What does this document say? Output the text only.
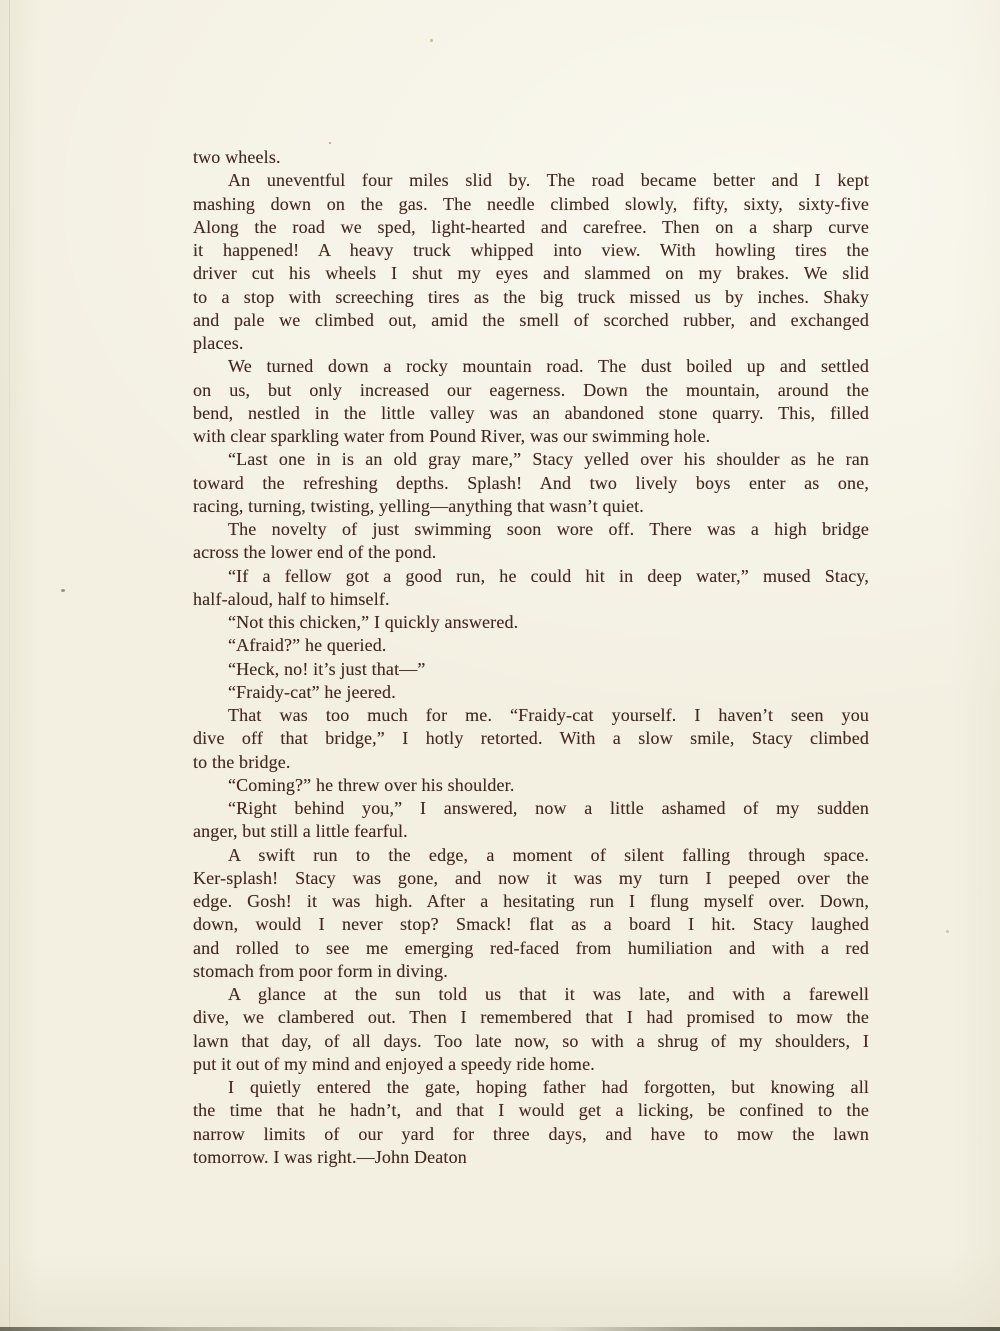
two wheels.
An uneventful four miles slid by. The road became better and I kept
mashing down on the gas. The needle climbed slowly, fifty, sixty, sixty-five
Along the road we sped, light-hearted and carefree. Then on a sharp curve
it happened! A heavy truck whipped into view. With howling tires the
driver cut his wheels I shut my eyes and slammed on my brakes. We slid
to a stop with screeching tires as the big truck missed us by inches. Shaky
and pale we climbed out, amid the smell of scorched rubber, and exchanged
places.
We turned down a rocky mountain road. The dust boiled up and settled
on us, but only increased our eagerness. Down the mountain, around the
bend, nestled in the little valley was an abandoned stone quarry. This, filled
with clear sparkling water from Pound River, was our swimming hole.
“Last one in is an old gray mare,” Stacy yelled over his shoulder as he ran
toward the refreshing depths. Splash! And two lively boys enter as one,
racing, turning, twisting, yelling—anything that wasn’t quiet.
The novelty of just swimming soon wore off. There was a high bridge
across the lower end of the pond.
“If a fellow got a good run, he could hit in deep water,” mused Stacy,
half-aloud, half to himself.
“Not this chicken,” I quickly answered.
“Afraid?” he queried.
“Heck, no! it’s just that—”
“Fraidy-cat” he jeered.
That was too much for me. “Fraidy-cat yourself. I haven’t seen you
dive off that bridge,” I hotly retorted. With a slow smile, Stacy climbed
to the bridge.
“Coming?” he threw over his shoulder.
“Right behind you,” I answered, now a little ashamed of my sudden
anger, but still a little fearful.
A swift run to the edge, a moment of silent falling through space.
Ker-splash! Stacy was gone, and now it was my turn I peeped over the
edge. Gosh! it was high. After a hesitating run I flung myself over. Down,
down, would I never stop? Smack! flat as a board I hit. Stacy laughed
and rolled to see me emerging red-faced from humiliation and with a red
stomach from poor form in diving.
A glance at the sun told us that it was late, and with a farewell
dive, we clambered out. Then I remembered that I had promised to mow the
lawn that day, of all days. Too late now, so with a shrug of my shoulders, I
put it out of my mind and enjoyed a speedy ride home.
I quietly entered the gate, hoping father had forgotten, but knowing all
the time that he hadn’t, and that I would get a licking, be confined to the
narrow limits of our yard for three days, and have to mow the lawn
tomorrow. I was right.—John Deaton
